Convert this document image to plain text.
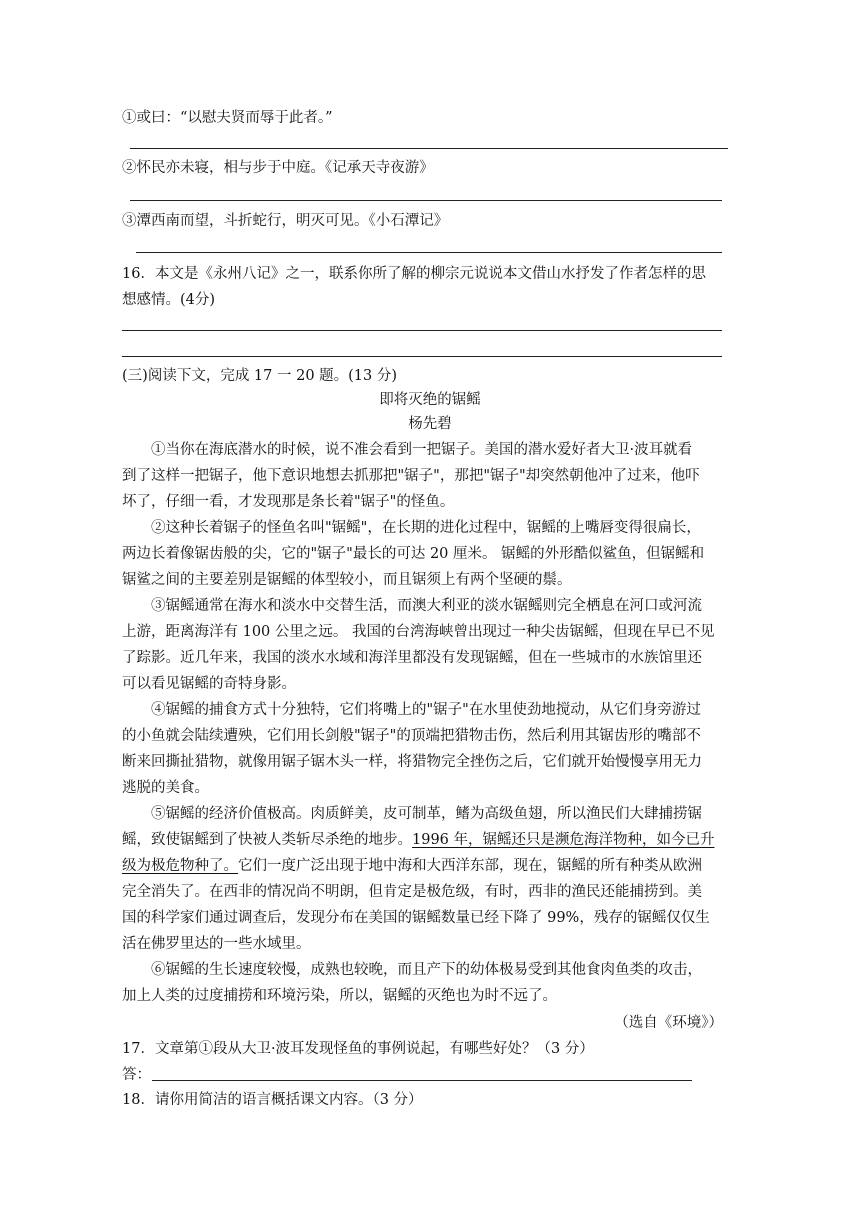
①或曰：“以慰夫贤而辱于此者。”
②怀民亦未寝，相与步于中庭。《记承天寺夜游》
③潭西南而望，斗折蛇行，明灭可见。《小石潭记》
16．本文是《永州八记》之一，联系你所了解的柳宗元说说本文借山水抒发了作者怎样的思
想感情。(4分)
(三)阅读下文，完成 17 一 20 题。(13 分)
即将灭绝的锯鳐
杨先碧
①当你在海底潜水的时候，说不准会看到一把锯子。美国的潜水爱好者大卫·波耳就看
到了这样一把锯子，他下意识地想去抓那把"锯子"，那把"锯子"却突然朝他冲了过来，他吓
坏了，仔细一看，才发现那是条长着"锯子"的怪鱼。
②这种长着锯子的怪鱼名叫"锯鳐"，在长期的进化过程中，锯鳐的上嘴唇变得很扁长，
两边长着像锯齿般的尖，它的"锯子"最长的可达 20 厘米。 锯鳐的外形酷似鲨鱼，但锯鳐和
锯鲨之间的主要差别是锯鳐的体型较小，而且锯须上有两个坚硬的鬃。
③锯鳐通常在海水和淡水中交替生活，而澳大利亚的淡水锯鳐则完全栖息在河口或河流
上游，距离海洋有 100 公里之远。 我国的台湾海峡曾出现过一种尖齿锯鳐，但现在早已不见
了踪影。近几年来，我国的淡水水域和海洋里都没有发现锯鳐，但在一些城市的水族馆里还
可以看见锯鳐的奇特身影。
④锯鳐的捕食方式十分独特，它们将嘴上的"锯子"在水里使劲地搅动，从它们身旁游过
的小鱼就会陆续遭殃，它们用长剑般"锯子"的顶端把猎物击伤，然后利用其锯齿形的嘴部不
断来回撕扯猎物，就像用锯子锯木头一样，将猎物完全挫伤之后，它们就开始慢慢享用无力
逃脱的美食。
⑤锯鳐的经济价值极高。肉质鲜美，皮可制革，鳍为高级鱼翅，所以渔民们大肆捕捞锯
鳐，致使锯鳐到了快被人类斩尽杀绝的地步。1996 年，锯鳐还只是濒危海洋物种，如今已升
级为极危物种了。它们一度广泛出现于地中海和大西洋东部，现在，锯鳐的所有种类从欧洲
完全消失了。在西非的情况尚不明朗，但肯定是极危级，有时，西非的渔民还能捕捞到。美
国的科学家们通过调查后，发现分布在美国的锯鳐数量已经下降了 99%，残存的锯鳐仅仅生
活在佛罗里达的一些水域里。
⑥锯鳐的生长速度较慢，成熟也较晚，而且产下的幼体极易受到其他食肉鱼类的攻击，
加上人类的过度捕捞和环境污染，所以，锯鳐的灭绝也为时不远了。
（选自《环境》）
17．文章第①段从大卫·波耳发现怪鱼的事例说起，有哪些好处？（3 分）
答：
18．请你用简洁的语言概括课文内容。（3 分）
